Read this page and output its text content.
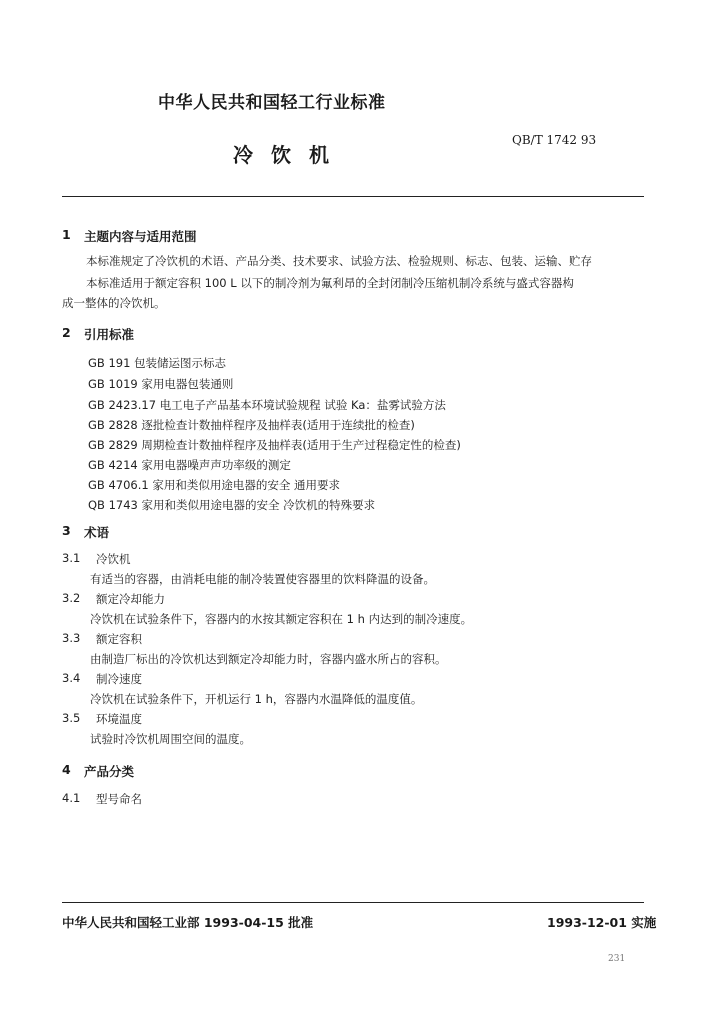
中华人民共和国轻工行业标准
冷饮机
QB/T 1742 93
1 主题内容与适用范围
本标准规定了冷饮机的术语、产品分类、技术要求、试验方法、检验规则、标志、包装、运输、贮存
本标准适用于额定容积 100 L 以下的制冷剂为氟利昂的全封闭制冷压缩机制冷系统与盛式容器构
成一整体的冷饮机。
2 引用标准
GB 191 包装储运图示标志
GB 1019 家用电器包装通则
GB 2423.17 电工电子产品基本环境试验规程 试验 Ka：盐雾试验方法
GB 2828 逐批检查计数抽样程序及抽样表(适用于连续批的检查)
GB 2829 周期检查计数抽样程序及抽样表(适用于生产过程稳定性的检查)
GB 4214 家用电器噪声声功率级的测定
GB 4706.1 家用和类似用途电器的安全 通用要求
QB 1743 家用和类似用途电器的安全 冷饮机的特殊要求
3 术语
3.1 冷饮机
有适当的容器，由消耗电能的制冷装置使容器里的饮料降温的设备。
3.2 额定冷却能力
冷饮机在试验条件下，容器内的水按其额定容积在 1 h 内达到的制冷速度。
3.3 额定容积
由制造厂标出的冷饮机达到额定冷却能力时，容器内盛水所占的容积。
3.4 制冷速度
冷饮机在试验条件下，开机运行 1 h，容器内水温降低的温度值。
3.5 环境温度
试验时冷饮机周围空间的温度。
4 产品分类
4.1 型号命名
中华人民共和国轻工业部 1993-04-15 批准	1993-12-01 实施
231
